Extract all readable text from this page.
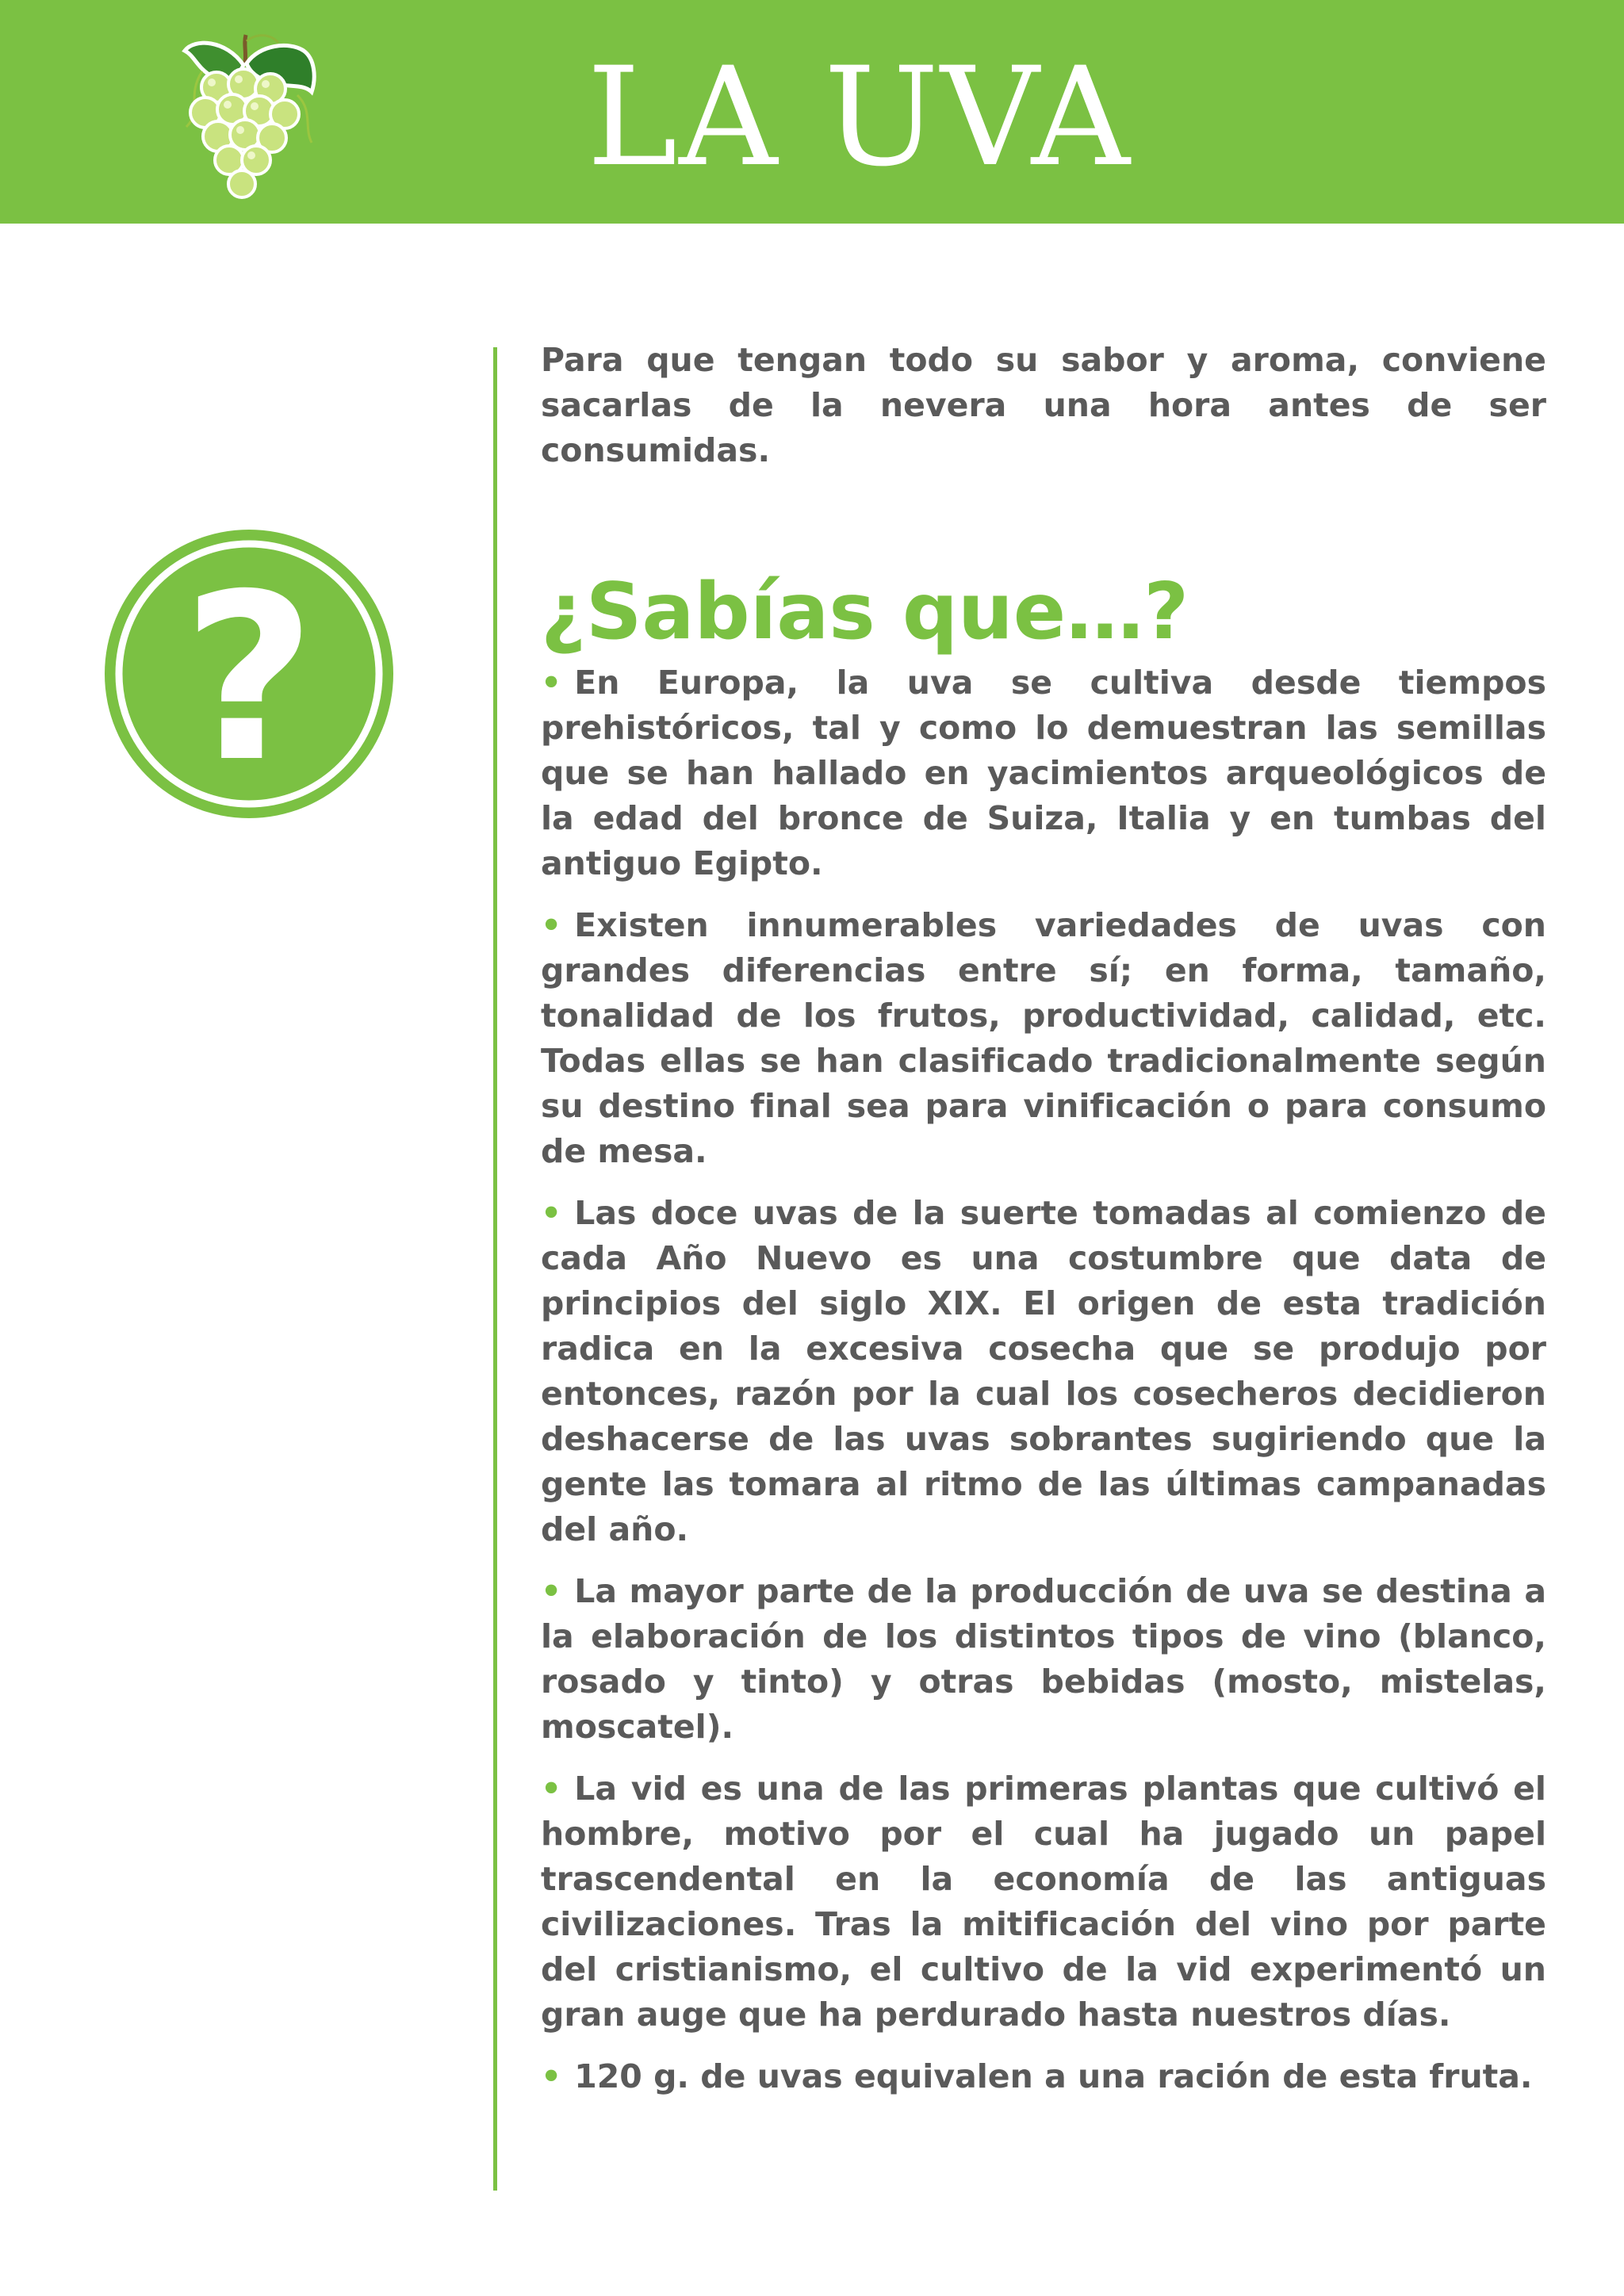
LA UVA
?

Para que tengan todo su sabor y aroma, conviene sacarlas de la nevera una hora antes de ser consumidas.

¿Sabías que…?
• En Europa, la uva se cultiva desde tiempos prehistóricos, tal y como lo demuestran las semillas que se han hallado en yacimientos arqueológicos de la edad del bronce de Suiza, Italia y en tumbas del antiguo Egipto.
• Existen innumerables variedades de uvas con grandes diferencias entre sí; en forma, tamaño, tonalidad de los frutos, productividad, calidad, etc. Todas ellas se han clasificado tradicionalmente según su destino final sea para vinificación o para consumo de mesa.
• Las doce uvas de la suerte tomadas al comienzo de cada Año Nuevo es una costumbre que data de principios del siglo XIX. El origen de esta tradición radica en la excesiva cosecha que se produjo por entonces, razón por la cual los cosecheros decidieron deshacerse de las uvas sobrantes sugiriendo que la gente las tomara al ritmo de las últimas campanadas del año.
• La mayor parte de la producción de uva se destina a la elaboración de los distintos tipos de vino (blanco, rosado y tinto) y otras bebidas (mosto, mistelas, moscatel).
• La vid es una de las primeras plantas que cultivó el hombre, motivo por el cual ha jugado un papel trascendental en la economía de las antiguas civilizaciones. Tras la mitificación del vino por parte del cristianismo, el cultivo de la vid experimentó un gran auge que ha perdurado hasta nuestros días.
• 120 g. de uvas equivalen a una ración de esta fruta.
